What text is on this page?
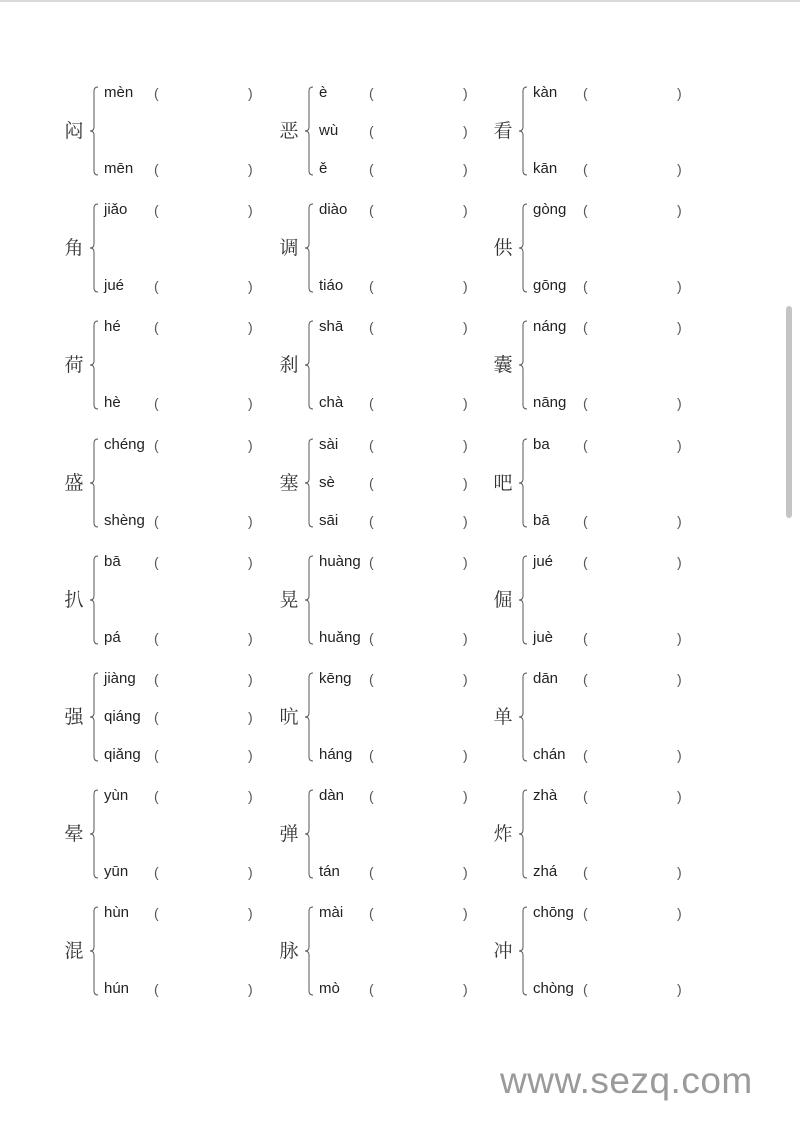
闷
mèn (	)
mēn (	)
恶
è	(	)
wù (	)
ě	(	)
看
kàn (	)
kān (	)
角
jiǎo (	)
jué (	)
调
diào (	)
tiáo (	)
供
gòng (	)
gōng (	)
荷
hé (	)
hè (	)
刹
shā (	)
chà (	)
囊
náng (	)
nāng (	)
盛
chéng (	)
shèng (	)
塞
sài (	)
sè (	)
sāi (	)
吧
ba (	)
bā (	)
扒
bā (	)
pá (	)
晃
huàng (	)
huǎng (	)
倔
jué (	)
juè (	)
强
jiàng (	)
qiáng (	)
qiǎng (	)
吭
kēng (	)
háng (	)
单
dān (	)
chán (	)
晕
yùn (	)
yūn (	)
弹
dàn (	)
tán (	)
炸
zhà (	)
zhá (	)
混
hùn (	)
hún (	)
脉
mài (	)
mò (	)
冲
chōng (	)
chòng (	)
www.sezq.com
